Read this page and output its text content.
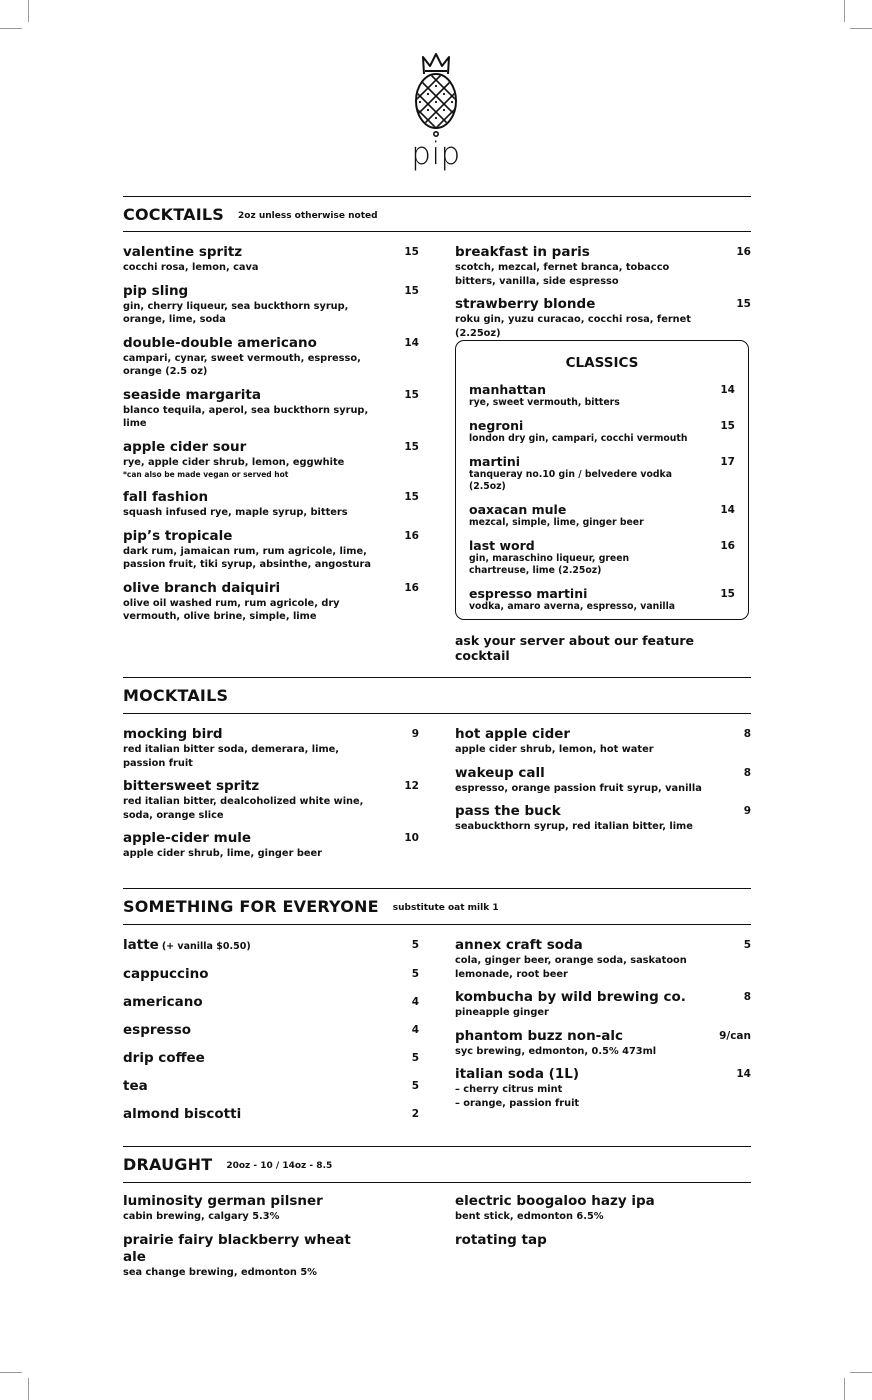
pip
COCKTAILS 2oz unless otherwise noted
valentine spritz
cocchi rosa, lemon, cava
15
pip sling
gin, cherry liqueur, sea buckthorn syrup, orange, lime, soda
15
double-double americano
campari, cynar, sweet vermouth, espresso, orange (2.5 oz)
14
seaside margarita
blanco tequila, aperol, sea buckthorn syrup, lime
15
apple cider sour
rye, apple cider shrub, lemon, eggwhite
*can also be made vegan or served hot
15
fall fashion
squash infused rye, maple syrup, bitters
15
pip’s tropicale
dark rum, jamaican rum, rum agricole, lime, passion fruit, tiki syrup, absinthe, angostura
16
olive branch daiquiri
olive oil washed rum, rum agricole, dry vermouth, olive brine, simple, lime
16
breakfast in paris
scotch, mezcal, fernet branca, tobacco bitters, vanilla, side espresso
16
strawberry blonde
roku gin, yuzu curacao, cocchi rosa, fernet (2.25oz)
15
CLASSICS
manhattan
rye, sweet vermouth, bitters
14
negroni
london dry gin, campari, cocchi vermouth
15
martini
tanqueray no.10 gin / belvedere vodka (2.5oz)
17
oaxacan mule
mezcal, simple, lime, ginger beer
14
last word
gin, maraschino liqueur, green chartreuse, lime (2.25oz)
16
espresso martini
vodka, amaro averna, espresso, vanilla
15
ask your server about our feature cocktail
MOCKTAILS
mocking bird
red italian bitter soda, demerara, lime, passion fruit
9
bittersweet spritz
red italian bitter, dealcoholized white wine, soda, orange slice
12
apple-cider mule
apple cider shrub, lime, ginger beer
10
hot apple cider
apple cider shrub, lemon, hot water
8
wakeup call
espresso, orange passion fruit syrup, vanilla
8
pass the buck
seabuckthorn syrup, red italian bitter, lime
9
SOMETHING FOR EVERYONE substitute oat milk 1
latte (+ vanilla $0.50)	5
cappuccino	5
americano	4
espresso	4
drip coffee	5
tea	5
almond biscotti	2
annex craft soda
cola, ginger beer, orange soda, saskatoon lemonade, root beer
5
kombucha by wild brewing co.
pineapple ginger
8
phantom buzz non-alc
syc brewing, edmonton, 0.5% 473ml
9/can
italian soda (1L)
– cherry citrus mint
– orange, passion fruit
14
DRAUGHT 20oz - 10 / 14oz - 8.5
luminosity german pilsner
cabin brewing, calgary 5.3%
prairie fairy blackberry wheat ale
sea change brewing, edmonton 5%
electric boogaloo hazy ipa
bent stick, edmonton 6.5%
rotating tap
